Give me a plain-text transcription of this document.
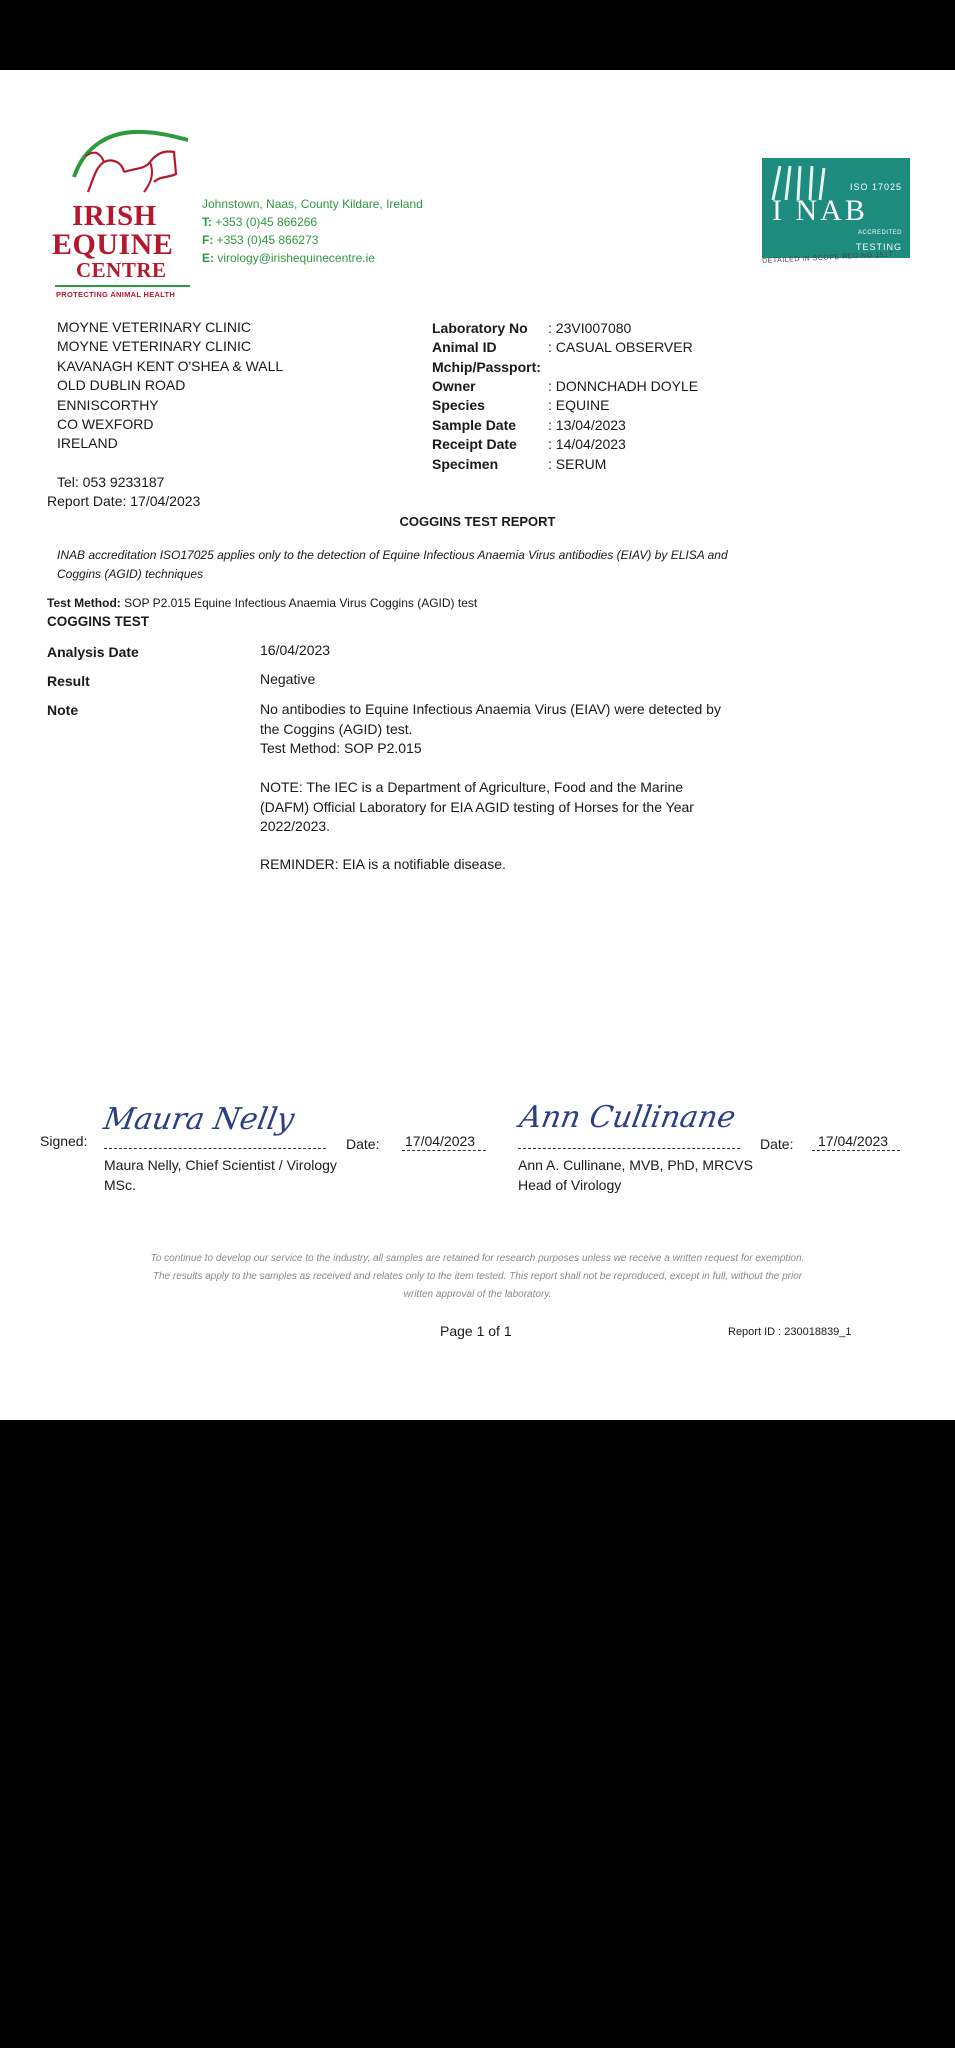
IRISH
EQUINE
CENTRE
PROTECTING ANIMAL HEALTH
Johnstown, Naas, County Kildare, Ireland
T: +353 (0)45 866266
F: +353 (0)45 866273
E: virology@irishequinecentre.ie
ISO 17025
I NAB
ACCREDITED
TESTING
DETAILED IN SCOPE REG NO.151T
MOYNE VETERINARY CLINIC
MOYNE VETERINARY CLINIC
KAVANAGH KENT O'SHEA & WALL
OLD DUBLIN ROAD
ENNISCORTHY
CO WEXFORD
IRELAND
Tel: 053 9233187
Report Date: 17/04/2023
Laboratory No : 23VI007080
Animal ID	: CASUAL OBSERVER
Mchip/Passport:
Owner	: DONNCHADH DOYLE
Species	: EQUINE
Sample Date : 13/04/2023
Receipt Date : 14/04/2023
Specimen	: SERUM
COGGINS TEST REPORT
INAB accreditation ISO17025 applies only to the detection of Equine Infectious Anaemia Virus antibodies (EIAV) by ELISA and
Coggins (AGID) techniques
Test Method: SOP P2.015 Equine Infectious Anaemia Virus Coggins (AGID) test
COGGINS TEST
Analysis Date	16/04/2023
Result	Negative
Note	No antibodies to Equine Infectious Anaemia Virus (EIAV) were detected by
the Coggins (AGID) test.
Test Method: SOP P2.015
NOTE: The IEC is a Department of Agriculture, Food and the Marine
(DAFM) Official Laboratory for EIA AGID testing of Horses for the Year
2022/2023.
REMINDER: EIA is a notifiable disease.
Signed:
Maura Nelly
Date: 17/04/2023
Ann Cullinane
Date: 17/04/2023
Maura Nelly, Chief Scientist / Virology
MSc.
Ann A. Cullinane, MVB, PhD, MRCVS
Head of Virology
To continue to develop our service to the industry, all samples are retained for research purposes unless we receive a written request for exemption.
The results apply to the samples as received and relates only to the item tested. This report shall not be reproduced, except in full, without the prior
written approval of the laboratory.
Page 1 of 1	Report ID : 230018839_1
